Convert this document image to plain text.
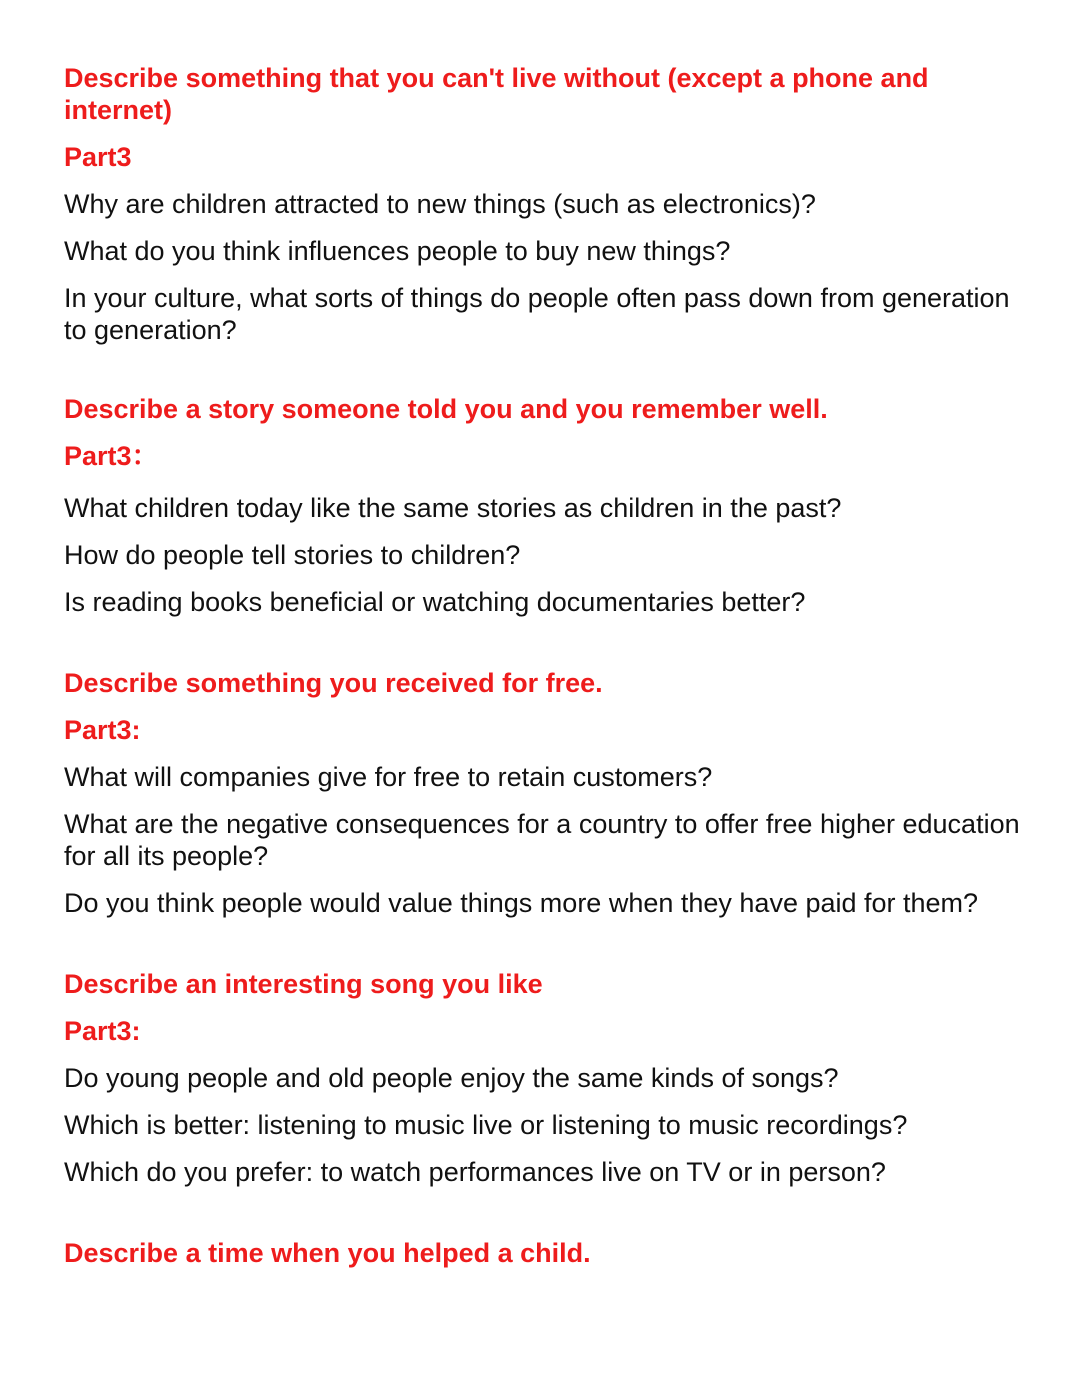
Describe something that you can't live without (except a phone and internet)

Part3

Why are children attracted to new things (such as electronics)?

What do you think influences people to buy new things?

In your culture, what sorts of things do people often pass down from generation to generation?

Describe a story someone told you and you remember well.

Part3：

What children today like the same stories as children in the past?

How do people tell stories to children?

Is reading books beneficial or watching documentaries better?

Describe something you received for free.

Part3:

What will companies give for free to retain customers?

What are the negative consequences for a country to offer free higher education for all its people?

Do you think people would value things more when they have paid for them?

Describe an interesting song you like

Part3:

Do young people and old people enjoy the same kinds of songs?

Which is better: listening to music live or listening to music recordings?

Which do you prefer: to watch performances live on TV or in person?

Describe a time when you helped a child.
